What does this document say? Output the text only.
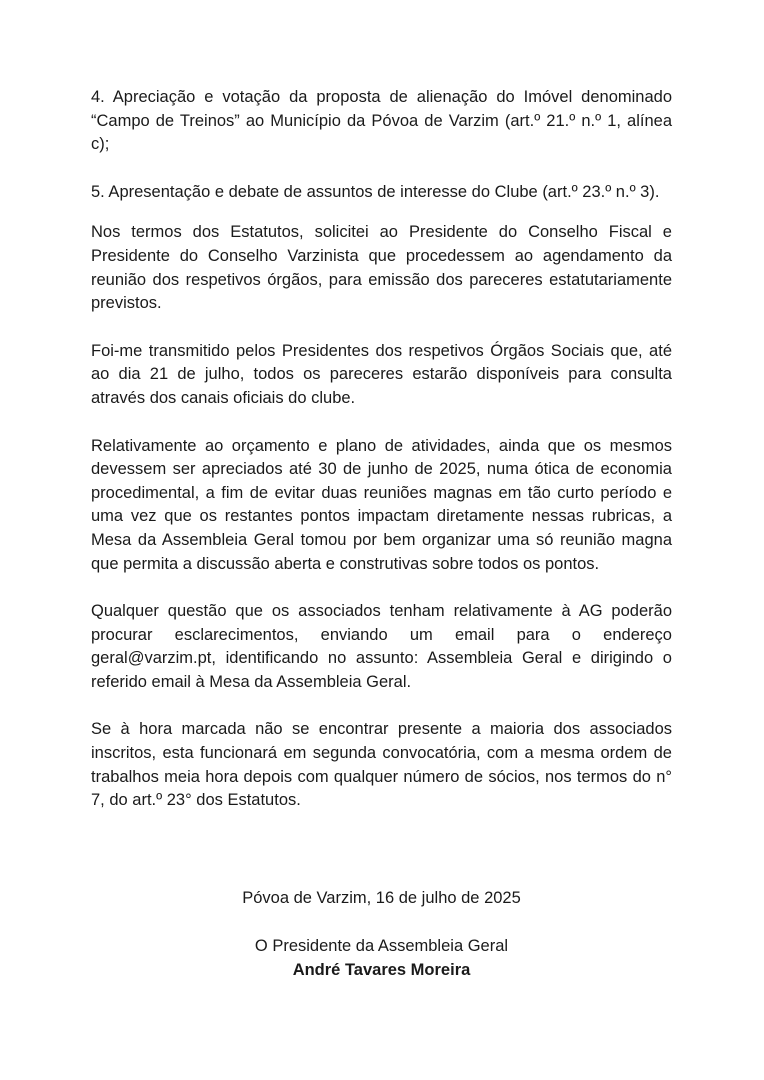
4. Apreciação e votação da proposta de alienação do Imóvel denominado “Campo de Treinos” ao Município da Póvoa de Varzim (art.º 21.º n.º 1, alínea c);

5. Apresentação e debate de assuntos de interesse do Clube (art.º 23.º n.º 3).

Nos termos dos Estatutos, solicitei ao Presidente do Conselho Fiscal e Presidente do Conselho Varzinista que procedessem ao agendamento da reunião dos respetivos órgãos, para emissão dos pareceres estatutariamente previstos.

Foi-me transmitido pelos Presidentes dos respetivos Órgãos Sociais que, até ao dia 21 de julho, todos os pareceres estarão disponíveis para consulta através dos canais oficiais do clube.

Relativamente ao orçamento e plano de atividades, ainda que os mesmos devessem ser apreciados até 30 de junho de 2025, numa ótica de economia procedimental, a fim de evitar duas reuniões magnas em tão curto período e uma vez que os restantes pontos impactam diretamente nessas rubricas, a Mesa da Assembleia Geral tomou por bem organizar uma só reunião magna que permita a discussão aberta e construtivas sobre todos os pontos.

Qualquer questão que os associados tenham relativamente à AG poderão procurar esclarecimentos, enviando um email para o endereço geral@varzim.pt, identificando no assunto: Assembleia Geral e dirigindo o referido email à Mesa da Assembleia Geral.

Se à hora marcada não se encontrar presente a maioria dos associados inscritos, esta funcionará em segunda convocatória, com a mesma ordem de trabalhos meia hora depois com qualquer número de sócios, nos termos do n° 7, do art.º 23° dos Estatutos.

Póvoa de Varzim, 16 de julho de 2025
O Presidente da Assembleia Geral
André Tavares Moreira
